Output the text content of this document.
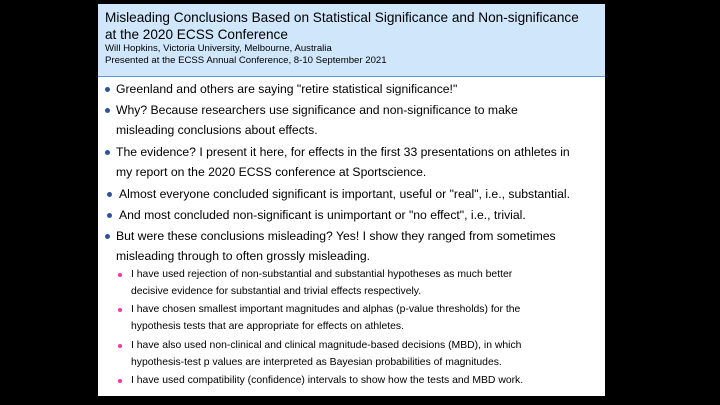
Misleading Conclusions Based on Statistical Significance and Non-significance
at the 2020 ECSS Conference
Will Hopkins, Victoria University, Melbourne, Australia
Presented at the ECSS Annual Conference, 8-10 September 2021
Greenland and others are saying "retire statistical significance!"
Why? Because researchers use significance and non-significance to make
misleading conclusions about effects.
The evidence? I present it here, for effects in the first 33 presentations on athletes in
my report on the 2020 ECSS conference at Sportscience.
Almost everyone concluded significant is important, useful or "real", i.e., substantial.
And most concluded non-significant is unimportant or "no effect", i.e., trivial.
But were these conclusions misleading? Yes! I show they ranged from sometimes
misleading through to often grossly misleading.
I have used rejection of non-substantial and substantial hypotheses as much better
decisive evidence for substantial and trivial effects respectively.
I have chosen smallest important magnitudes and alphas (p-value thresholds) for the
hypothesis tests that are appropriate for effects on athletes.
I have also used non-clinical and clinical magnitude-based decisions (MBD), in which
hypothesis-test p values are interpreted as Bayesian probabilities of magnitudes.
I have used compatibility (confidence) intervals to show how the tests and MBD work.
